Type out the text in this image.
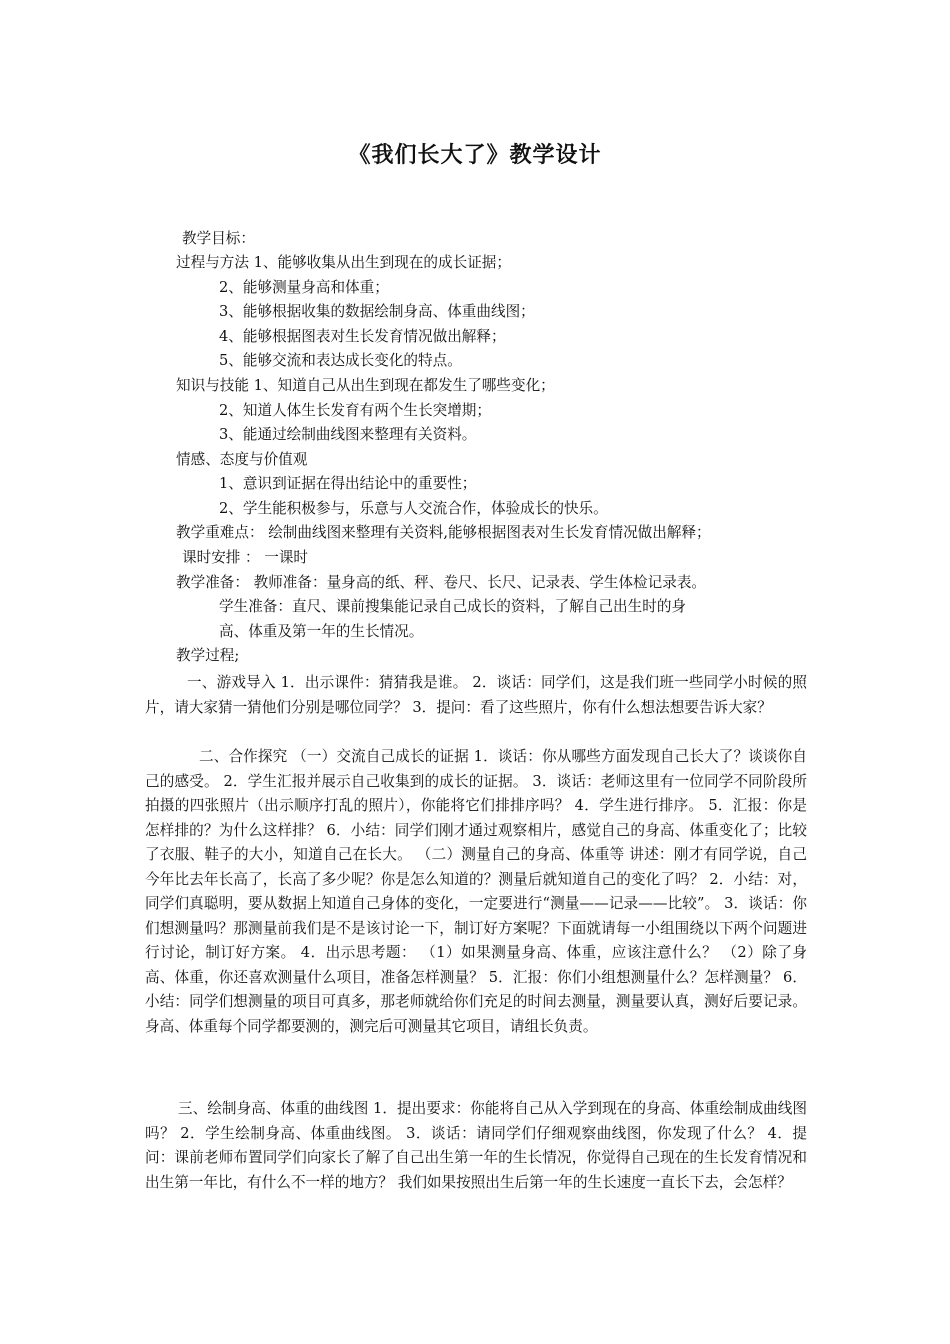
《我们长大了》教学设计
教学目标：
过程与方法 1、能够收集从出生到现在的成长证据；
2、能够测量身高和体重；
3、能够根据收集的数据绘制身高、体重曲线图；
4、能够根据图表对生长发育情况做出解释；
5、能够交流和表达成长变化的特点。
知识与技能 1、知道自己从出生到现在都发生了哪些变化；
2、知道人体生长发育有两个生长突增期；
3、能通过绘制曲线图来整理有关资料。
情感、态度与价值观
1、意识到证据在得出结论中的重要性；
2、学生能积极参与，乐意与人交流合作，体验成长的快乐。
教学重难点： 绘制曲线图来整理有关资料,能够根据图表对生长发育情况做出解释；
课时安排 ： 一课时
教学准备： 教师准备：量身高的纸、秤、卷尺、长尺、记录表、学生体检记录表。
学生准备：直尺、课前搜集能记录自己成长的资料，了解自己出生时的身
高、体重及第一年的生长情况。
教学过程;
一、游戏导入 1．出示课件：猜猜我是谁。 2．谈话：同学们，这是我们班一些同学小时候的照片，请大家猜一猜他们分别是哪位同学？ 3．提问：看了这些照片，你有什么想法想要告诉大家？
二、合作探究 （一）交流自己成长的证据 1．谈话：你从哪些方面发现自己长大了？谈谈你自己的感受。 2．学生汇报并展示自己收集到的成长的证据。 3．谈话：老师这里有一位同学不同阶段所拍摄的四张照片（出示顺序打乱的照片），你能将它们排排序吗？ 4．学生进行排序。 5．汇报：你是怎样排的？为什么这样排？ 6．小结：同学们刚才通过观察相片，感觉自己的身高、体重变化了；比较了衣服、鞋子的大小，知道自己在长大。 （二）测量自己的身高、体重等 讲述：刚才有同学说，自己今年比去年长高了，长高了多少呢？你是怎么知道的？测量后就知道自己的变化了吗？ 2．小结：对，同学们真聪明，要从数据上知道自己身体的变化，一定要进行“测量——记录——比较”。 3．谈话：你们想测量吗？那测量前我们是不是该讨论一下，制订好方案呢？下面就请每一小组围绕以下两个问题进行讨论，制订好方案。 4．出示思考题： （1）如果测量身高、体重，应该注意什么？ （2）除了身高、体重，你还喜欢测量什么项目，准备怎样测量？ 5．汇报：你们小组想测量什么？怎样测量？ 6．小结：同学们想测量的项目可真多，那老师就给你们充足的时间去测量，测量要认真，测好后要记录。身高、体重每个同学都要测的，测完后可测量其它项目，请组长负责。
三、绘制身高、体重的曲线图 1．提出要求：你能将自己从入学到现在的身高、体重绘制成曲线图吗？ 2．学生绘制身高、体重曲线图。 3．谈话：请同学们仔细观察曲线图，你发现了什么？ 4．提问：课前老师布置同学们向家长了解了自己出生第一年的生长情况，你觉得自己现在的生长发育情况和出生第一年比，有什么不一样的地方？ 我们如果按照出生后第一年的生长速度一直长下去，会怎样？
